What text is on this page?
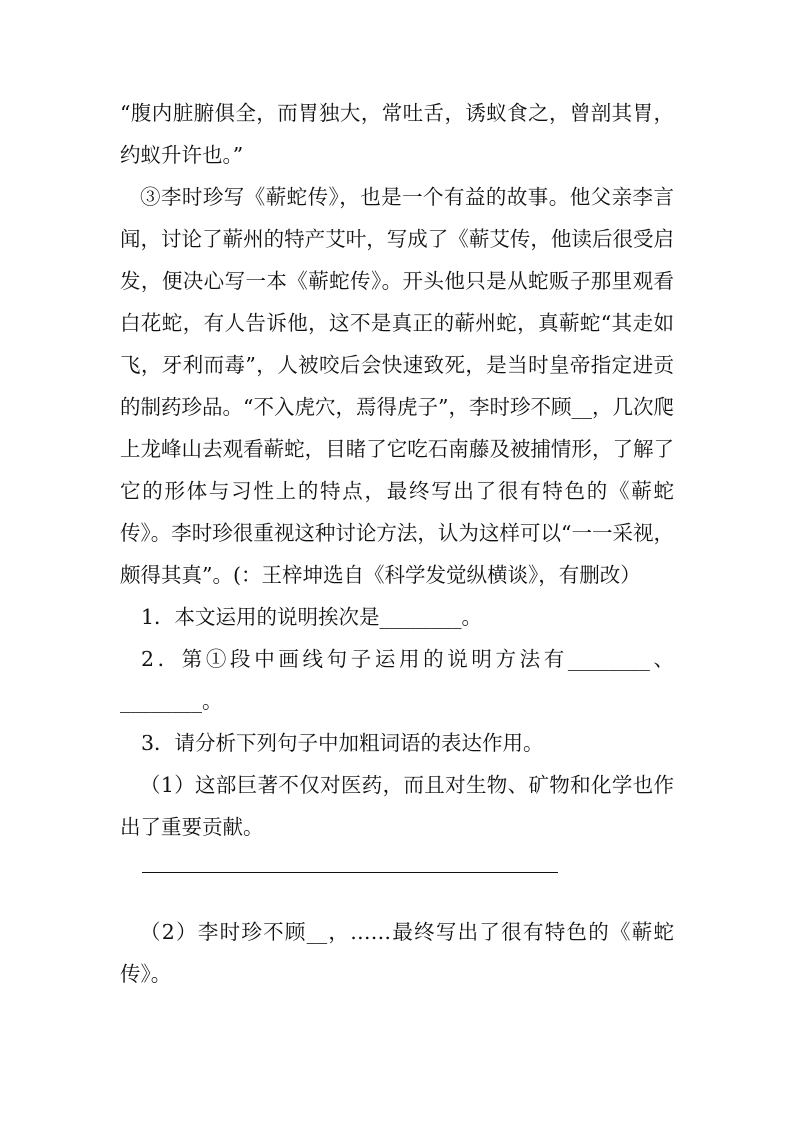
“腹内脏腑俱全，而胃独大，常吐舌，诱蚁食之，曾剖其胃，约蚁升许也。”

③李时珍写《蕲蛇传》，也是一个有益的故事。他父亲李言闻，讨论了蕲州的特产艾叶，写成了《蕲艾传，他读后很受启发，便决心写一本《蕲蛇传》。开头他只是从蛇贩子那里观看白花蛇，有人告诉他，这不是真正的蕲州蛇，真蕲蛇“其走如飞，牙利而毒”，人被咬后会快速致死，是当时皇帝指定进贡的制药珍品。“不入虎穴，焉得虎子”，李时珍不顾__，几次爬上龙峰山去观看蕲蛇，目睹了它吃石南藤及被捕情形，了解了它的形体与习性上的特点，最终写出了很有特色的《蕲蛇传》。李时珍很重视这种讨论方法，认为这样可以“一一采视，颇得其真”。(：王梓坤选自《科学发觉纵横谈》，有删改）

1．本文运用的说明挨次是________。

2．第①段中画线句子运用的说明方法有________、________。

3．请分析下列句子中加粗词语的表达作用。

（1）这部巨著不仅对医药，而且对生物、矿物和化学也作出了重要贡献。

（2）李时珍不顾__，……最终写出了很有特色的《蕲蛇传》。
